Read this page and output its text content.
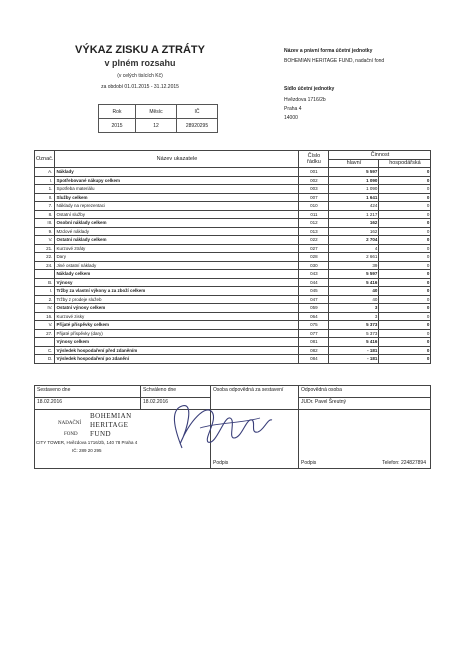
VÝKAZ ZISKU A ZTRÁTY
v plném rozsahu
(v celých tisících Kč)
za období 01.01.2015 - 31.12.2015
Rok	Měsíc	IČ
2015	12	28920295
Název a právní forma účetní jednotky
BOHEMIAN HERITAGE FUND, nadační fond
Sídlo účetní jednotky
Hvězdova 1716/2b
Praha 4
14000
Označ.	Název ukazatele	Číslo řádku	Činnost	
			hlavní	hospodářská
A.	Náklady	001	5 597	0
I.	Spotřebované nákupy celkem	002	1 090	0
1.	Spotřeba materiálu	003	1 090	0
II.	Služby celkem	007	1 641	0
7.	Náklady na reprezentaci	010	424	0
8.	Ostatní služby	011	1 217	0
III.	Osobní náklady celkem	012	162	0
9.	Mzdové náklady	013	162	0
V.	Ostatní náklady celkem	022	2 704	0
21.	Kurzové ztráty	027	4	0
22.	Dary	028	2 661	0
24.	Jiné ostatní náklady	030	39	0
	Náklady celkem	043	5 597	0
B.	Výnosy	044	5 416	0
I.	Tržby za vlastní výkony a za zboží celkem	045	40	0
2.	Tržby z prodeje služeb	047	40	0
IV.	Ostatní výnosy celkem	059	3	0
16.	Kurzové zisky	064	3	0
V.	Přijaté příspěvky celkem	075	5 373	0
27.	Přijaté příspěvky (dary)	077	5 373	0
	Výnosy celkem	081	5 416	0
C.	Výsledek hospodaření před zdaněním	082	- 181	0
D.	Výsledek hospodaření po zdanění	084	- 181	0
Sestaveno dne	Schváleno dne	Osoba odpovědná za sestavení	Odpovědná osoba
18.02.2016	18.02.2016		JUDr. Pavel Šreutný

		Podpis	Podpis Telefon: 224827894
BOHEMIAN
HERITAGE
FUND
NADAČNÍ
FOND
CITY TOWER, Hvězdova 1716/2b, 140 78 Praha 4
IČ: 289 20 295
